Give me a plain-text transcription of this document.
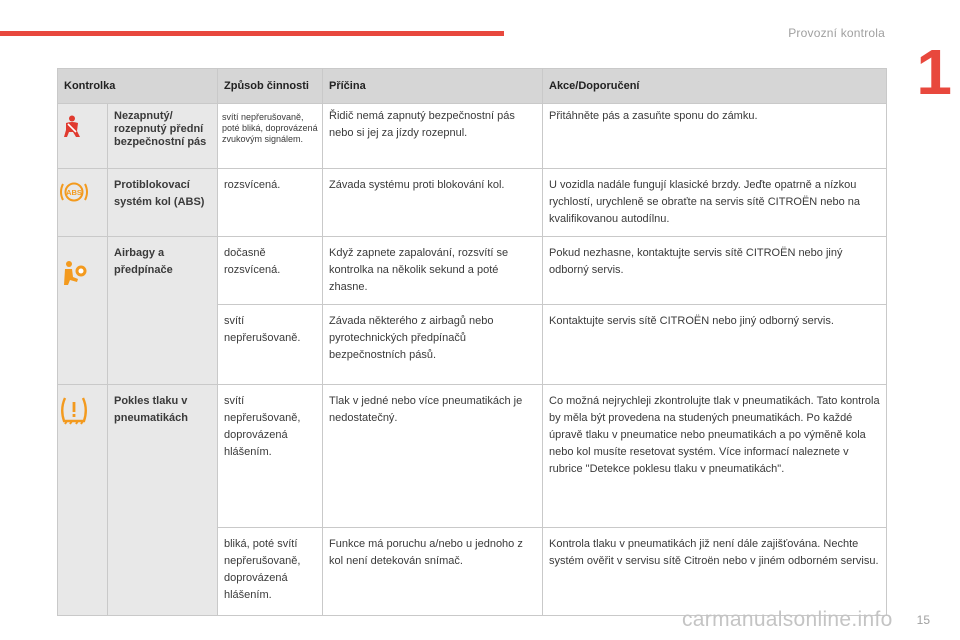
Provozní kontrola
1
Kontrolka		Způsob činnosti	Příčina	Akce/Doporučení
	Nezapnutý/ rozepnutý přední bezpečnostní pás	svítí nepřerušovaně, poté bliká, doprovázená zvukovým signálem.	Řidič nemá zapnutý bezpečnostní pás nebo si jej za jízdy rozepnul.	Přitáhněte pás a zasuňte sponu do zámku.

ABS	Protiblokovací systém kol (ABS)	rozsvícená.	Závada systému proti blokování kol.	U vozidla nadále fungují klasické brzdy. Jeďte opatrně a nízkou rychlostí, urychleně se obraťte na servis sítě CITROËN nebo na kvalifikovanou autodílnu.
	Airbagy a předpínače	dočasně rozsvícená.	Když zapnete zapalování, rozsvítí se kontrolka na několik sekund a poté zhasne.	Pokud nezhasne, kontaktujte servis sítě CITROËN nebo jiný odborný servis.
		svítí nepřerušovaně.	Závada některého z airbagů nebo pyrotechnických předpínačů bezpečnostních pásů.	Kontaktujte servis sítě CITROËN nebo jiný odborný servis.
	Pokles tlaku v pneumatikách	svítí nepřerušovaně, doprovázená hlášením.	Tlak v jedné nebo více pneumatikách je nedostatečný.	Co možná nejrychleji zkontrolujte tlak v pneumatikách. Tato kontrola by měla být provedena na studených pneumatikách. Po každé úpravě tlaku v pneumatice nebo pneumatikách a po výměně kola nebo kol musíte resetovat systém. Více informací naleznete v rubrice "Detekce poklesu tlaku v pneumatikách".
		bliká, poté svítí nepřerušovaně, doprovázená hlášením.	Funkce má poruchu a/nebo u jednoho z kol není detekován snímač.	Kontrola tlaku v pneumatikách již není dále zajišťována. Nechte systém ověřit v servisu sítě Citroën nebo v jiném odborném servisu.
carmanualsonline.info 15
